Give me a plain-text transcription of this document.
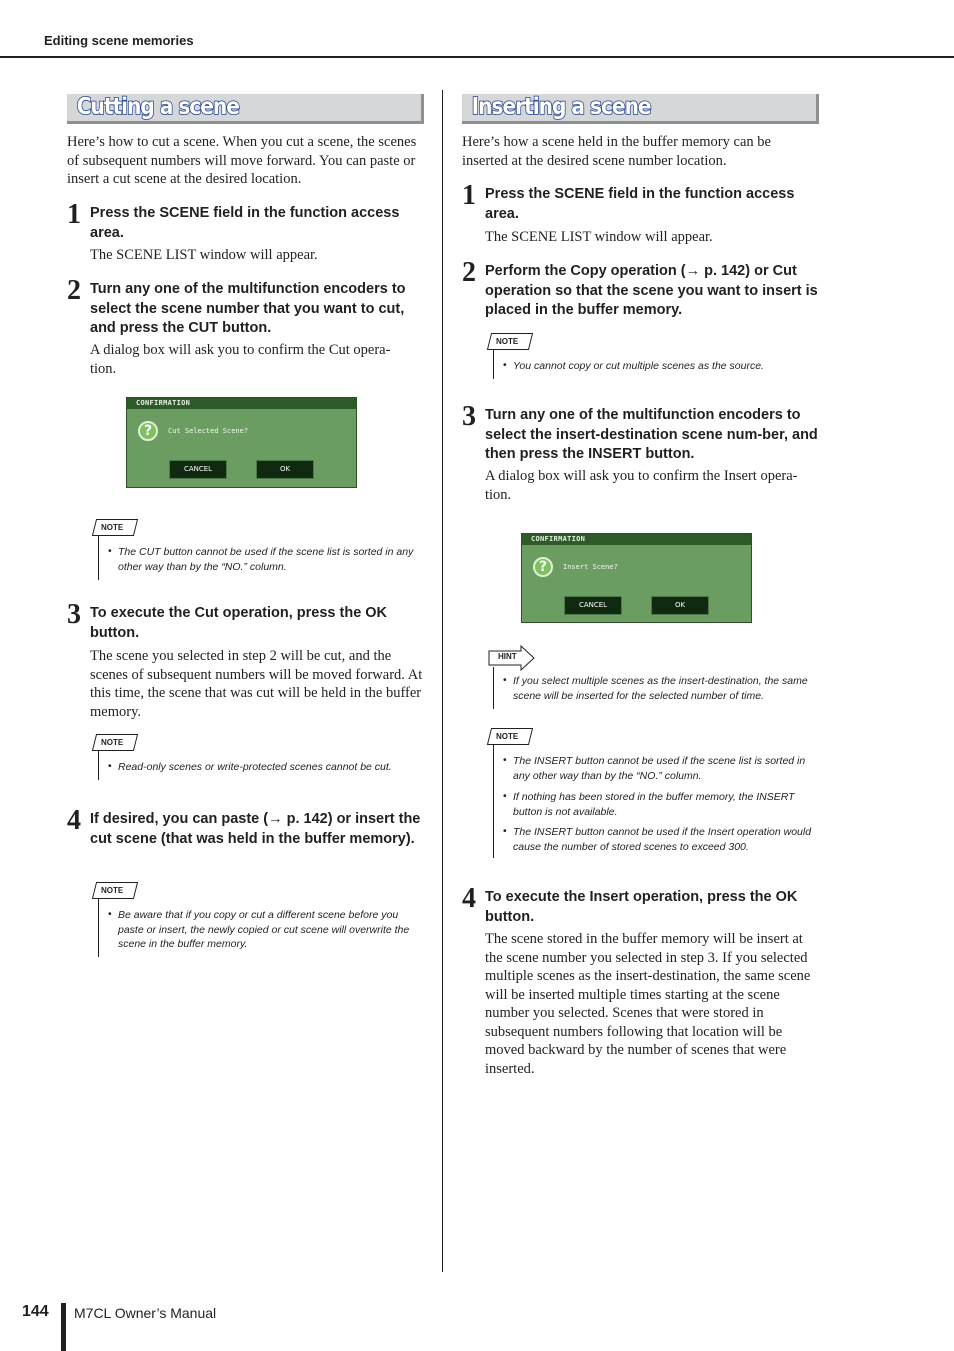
Editing scene memories
Cutting a scene
Here’s how to cut a scene. When you cut a scene, the scenes of subsequent numbers will move forward. You can paste or insert a cut scene at the desired location.
1 Press the SCENE field in the function access area.
The SCENE LIST window will appear.
2 Turn any one of the multifunction encoders to select the scene number that you want to cut, and press the CUT button.
A dialog box will ask you to confirm the Cut opera-tion.
CONFIRMATION
?	Cut Selected Scene?
CANCEL	OK
NOTE
• The CUT button cannot be used if the scene list is sorted in any other way than by the “NO.” column.
3 To execute the Cut operation, press the OK button.
The scene you selected in step 2 will be cut, and the scenes of subsequent numbers will be moved forward. At this time, the scene that was cut will be held in the buffer memory.
NOTE
• Read-only scenes or write-protected scenes cannot be cut.
4 If desired, you can paste (→ p. 142) or insert the cut scene (that was held in the buffer memory).
NOTE
• Be aware that if you copy or cut a different scene before you paste or insert, the newly copied or cut scene will overwrite the scene in the buffer memory.
Inserting a scene
Here’s how a scene held in the buffer memory can be inserted at the desired scene number location.
1 Press the SCENE field in the function access area.
The SCENE LIST window will appear.
2 Perform the Copy operation (→ p. 142) or Cut operation so that the scene you want to insert is placed in the buffer memory.
NOTE
• You cannot copy or cut multiple scenes as the source.
3 Turn any one of the multifunction encoders to select the insert-destination scene num-ber, and then press the INSERT button.
A dialog box will ask you to confirm the Insert opera-tion.
CONFIRMATION
?	Insert Scene?
CANCEL	OK
HINT
• If you select multiple scenes as the insert-destination, the same scene will be inserted for the selected number of time.
NOTE
• The INSERT button cannot be used if the scene list is sorted in any other way than by the “NO.” column.
• If nothing has been stored in the buffer memory, the INSERT button is not available.
• The INSERT button cannot be used if the Insert operation would cause the number of stored scenes to exceed 300.
4 To execute the Insert operation, press the OK button.
The scene stored in the buffer memory will be insert at the scene number you selected in step 3. If you selected multiple scenes as the insert-destination, the same scene will be inserted multiple times starting at the scene number you selected. Scenes that were stored in subsequent numbers following that location will be moved backward by the number of scenes that were inserted.
144 M7CL Owner’s Manual
